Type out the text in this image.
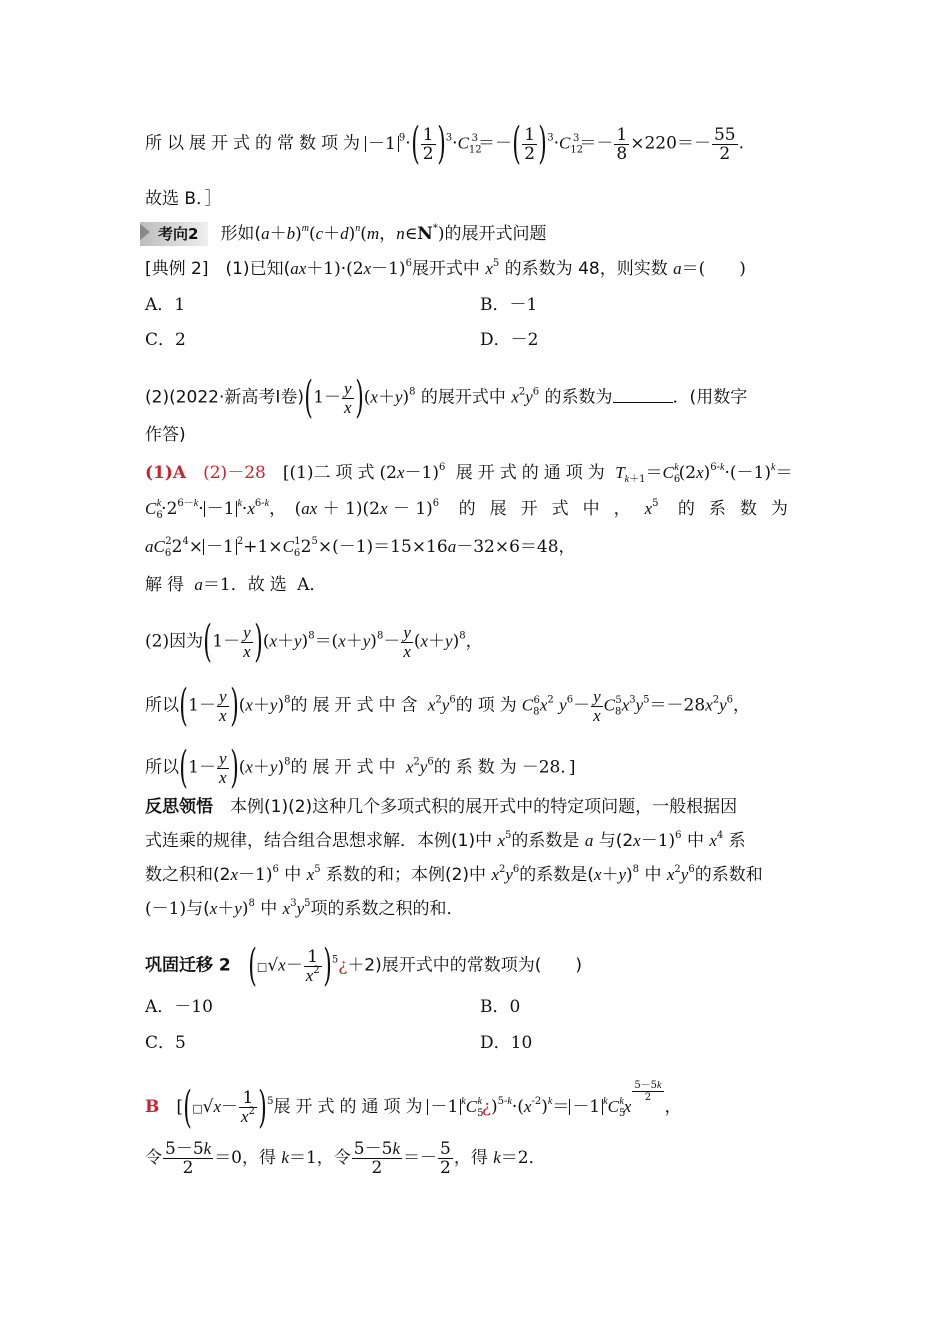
所以展开式的常数项为 －1 $^9\cdot( \frac{1}{2} )^3\cdot C_{12}^3=-( \frac{1}{2} )^3\cdot C_{12}^3=- \frac{1}{8} \times 220=- \frac{55}{2}$ .
故选 B．］
考向2 形如$(a+b)^m(c+d)^n(m$，n∈N*)的展开式问题
[典例 2]　(1)已知$(ax+1)\cdot(2x-1)^6$展开式中 $x^5$ 的系数为 48，则实数 a＝(　　)
A．1	B．－1
C．2	D．－2
(2)(2022·新高考Ⅰ卷)$(1- \frac{y}{x} )(x+y)^8$ 的展开式中 $x^2y^6$ 的系数为	．(用数字
作答)
(1)A　 (2)－28　[(1)二项式$(2x-1)^6$ 展开式的通项为 $T_{k+1}=C_6^k(2x)^{6-k}\cdot(-1)^k=$
$C_6^k\cdot 2^{6-k}\cdot -1$ $^k\cdot x^{6-k}$，　$(ax + 1)(2x - 1)^6$ 的展开式中，$x^5$ 的系数为
$aC_6^22^4\times -1$ $^2+1\times C_6^12^5\times(-1)=15\times 16a-32\times 6=48$，
解得 a＝1．故选 A．
(2)因为$(1- \frac{y}{x} )(x+y)^8=(x+y)^8- \frac{y}{x} (x+y)^8$，
所以$(1- \frac{y}{x} )(x+y)^8$的展开式中含 $x^2y^6$的项为$C_8^6x^2$ $y^6- \frac{y}{x} C_8^5x^3y^5=-28x^2y^6$，
所以$(1- \frac{y}{x} )(x+y)^8$的展开式中 $x^2y^6$的系数为－28．]
反思领悟　 本例(1)(2)这种几个多项式积的展开式中的特定项问题，一般根据因
式连乘的规律，结合组合思想求解．本例(1)中 $x^5$的系数是 a 与$(2x-1)^6$ 中 $x^4$ 系
数之积和$(2x-1)^6$ 中 $x^5$ 系数的和；本例(2)中 $x^2y^6$的系数是$(x+y)^8$ 中 $x^2y^6$的系数和
(－1)与$(x+y)^8$ 中 $x^3y^5$项的系数之积的和．
巩固迁移 2　 (□√x－ $\frac{1}{x^2}$ )$^5$¿＋2)展开式中的常数项为(　　)
A．－10	B．0
C．5	D．10
B　[(□√x－ $\frac{1}{x^2} )^5$展开式的通项为 －1 $^kC_5^k¿)^{5-k}\cdot(x^{-2})^k= -1$ $^kC_5^kx$
$\frac{5-5k}{2}$
，
令 $\frac{5-5k}{2} =0$，得 k＝1，令 $\frac{5-5k}{2} =- \frac{5}{2}$ ，得 k＝2．
